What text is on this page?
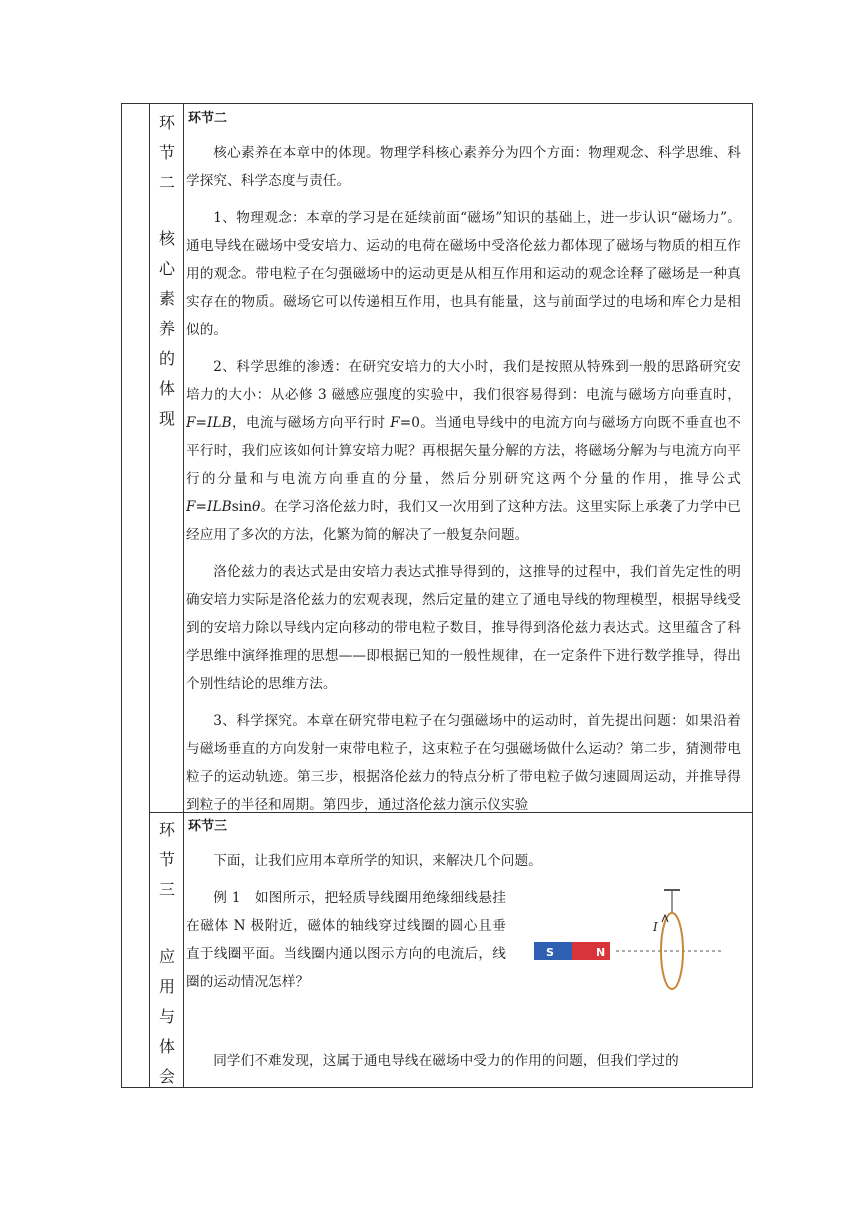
环
节
二
核
心
素
养
的
体
现
环节二

核心素养在本章中的体现。物理学科核心素养分为四个方面：物理观念、科学思维、科学探究、科学态度与责任。

1、物理观念：本章的学习是在延续前面“磁场”知识的基础上，进一步认识“磁场力”。通电导线在磁场中受安培力、运动的电荷在磁场中受洛伦兹力都体现了磁场与物质的相互作用的观念。带电粒子在匀强磁场中的运动更是从相互作用和运动的观念诠释了磁场是一种真实存在的物质。磁场它可以传递相互作用，也具有能量，这与前面学过的电场和库仑力是相似的。

2、科学思维的渗透：在研究安培力的大小时，我们是按照从特殊到一般的思路研究安培力的大小：从必修 3 磁感应强度的实验中，我们很容易得到：电流与磁场方向垂直时，F=ILB，电流与磁场方向平行时 F=0。当通电导线中的电流方向与磁场方向既不垂直也不平行时，我们应该如何计算安培力呢？再根据矢量分解的方法，将磁场分解为与电流方向平行的分量和与电流方向垂直的分量，然后分别研究这两个分量的作用，推导公式 F=ILBsinθ。在学习洛伦兹力时，我们又一次用到了这种方法。这里实际上承袭了力学中已经应用了多次的方法，化繁为简的解决了一般复杂问题。

洛伦兹力的表达式是由安培力表达式推导得到的，这推导的过程中，我们首先定性的明确安培力实际是洛伦兹力的宏观表现，然后定量的建立了通电导线的物理模型，根据导线受到的安培力除以导线内定向移动的带电粒子数目，推导得到洛伦兹力表达式。这里蕴含了科学思维中演绎推理的思想——即根据已知的一般性规律，在一定条件下进行数学推导，得出个别性结论的思维方法。

3、科学探究。本章在研究带电粒子在匀强磁场中的运动时，首先提出问题：如果沿着与磁场垂直的方向发射一束带电粒子，这束粒子在匀强磁场做什么运动？第二步，猜测带电粒子的运动轨迹。第三步，根据洛伦兹力的特点分析了带电粒子做匀速圆周运动，并推导得到粒子的半径和周期。第四步，通过洛伦兹力演示仪实验

环
节
三
应
用
与
体
会
环节三

下面，让我们应用本章所学的知识，来解决几个问题。

例 1　如图所示，把轻质导线圈用绝缘细线悬挂在磁体 N 极附近，磁体的轴线穿过线圈的圆心且垂直于线圈平面。当线圈内通以图示方向的电流后，线圈的运动情况怎样？

S	N
I

同学们不难发现，这属于通电导线在磁场中受力的作用的问题，但我们学过的
